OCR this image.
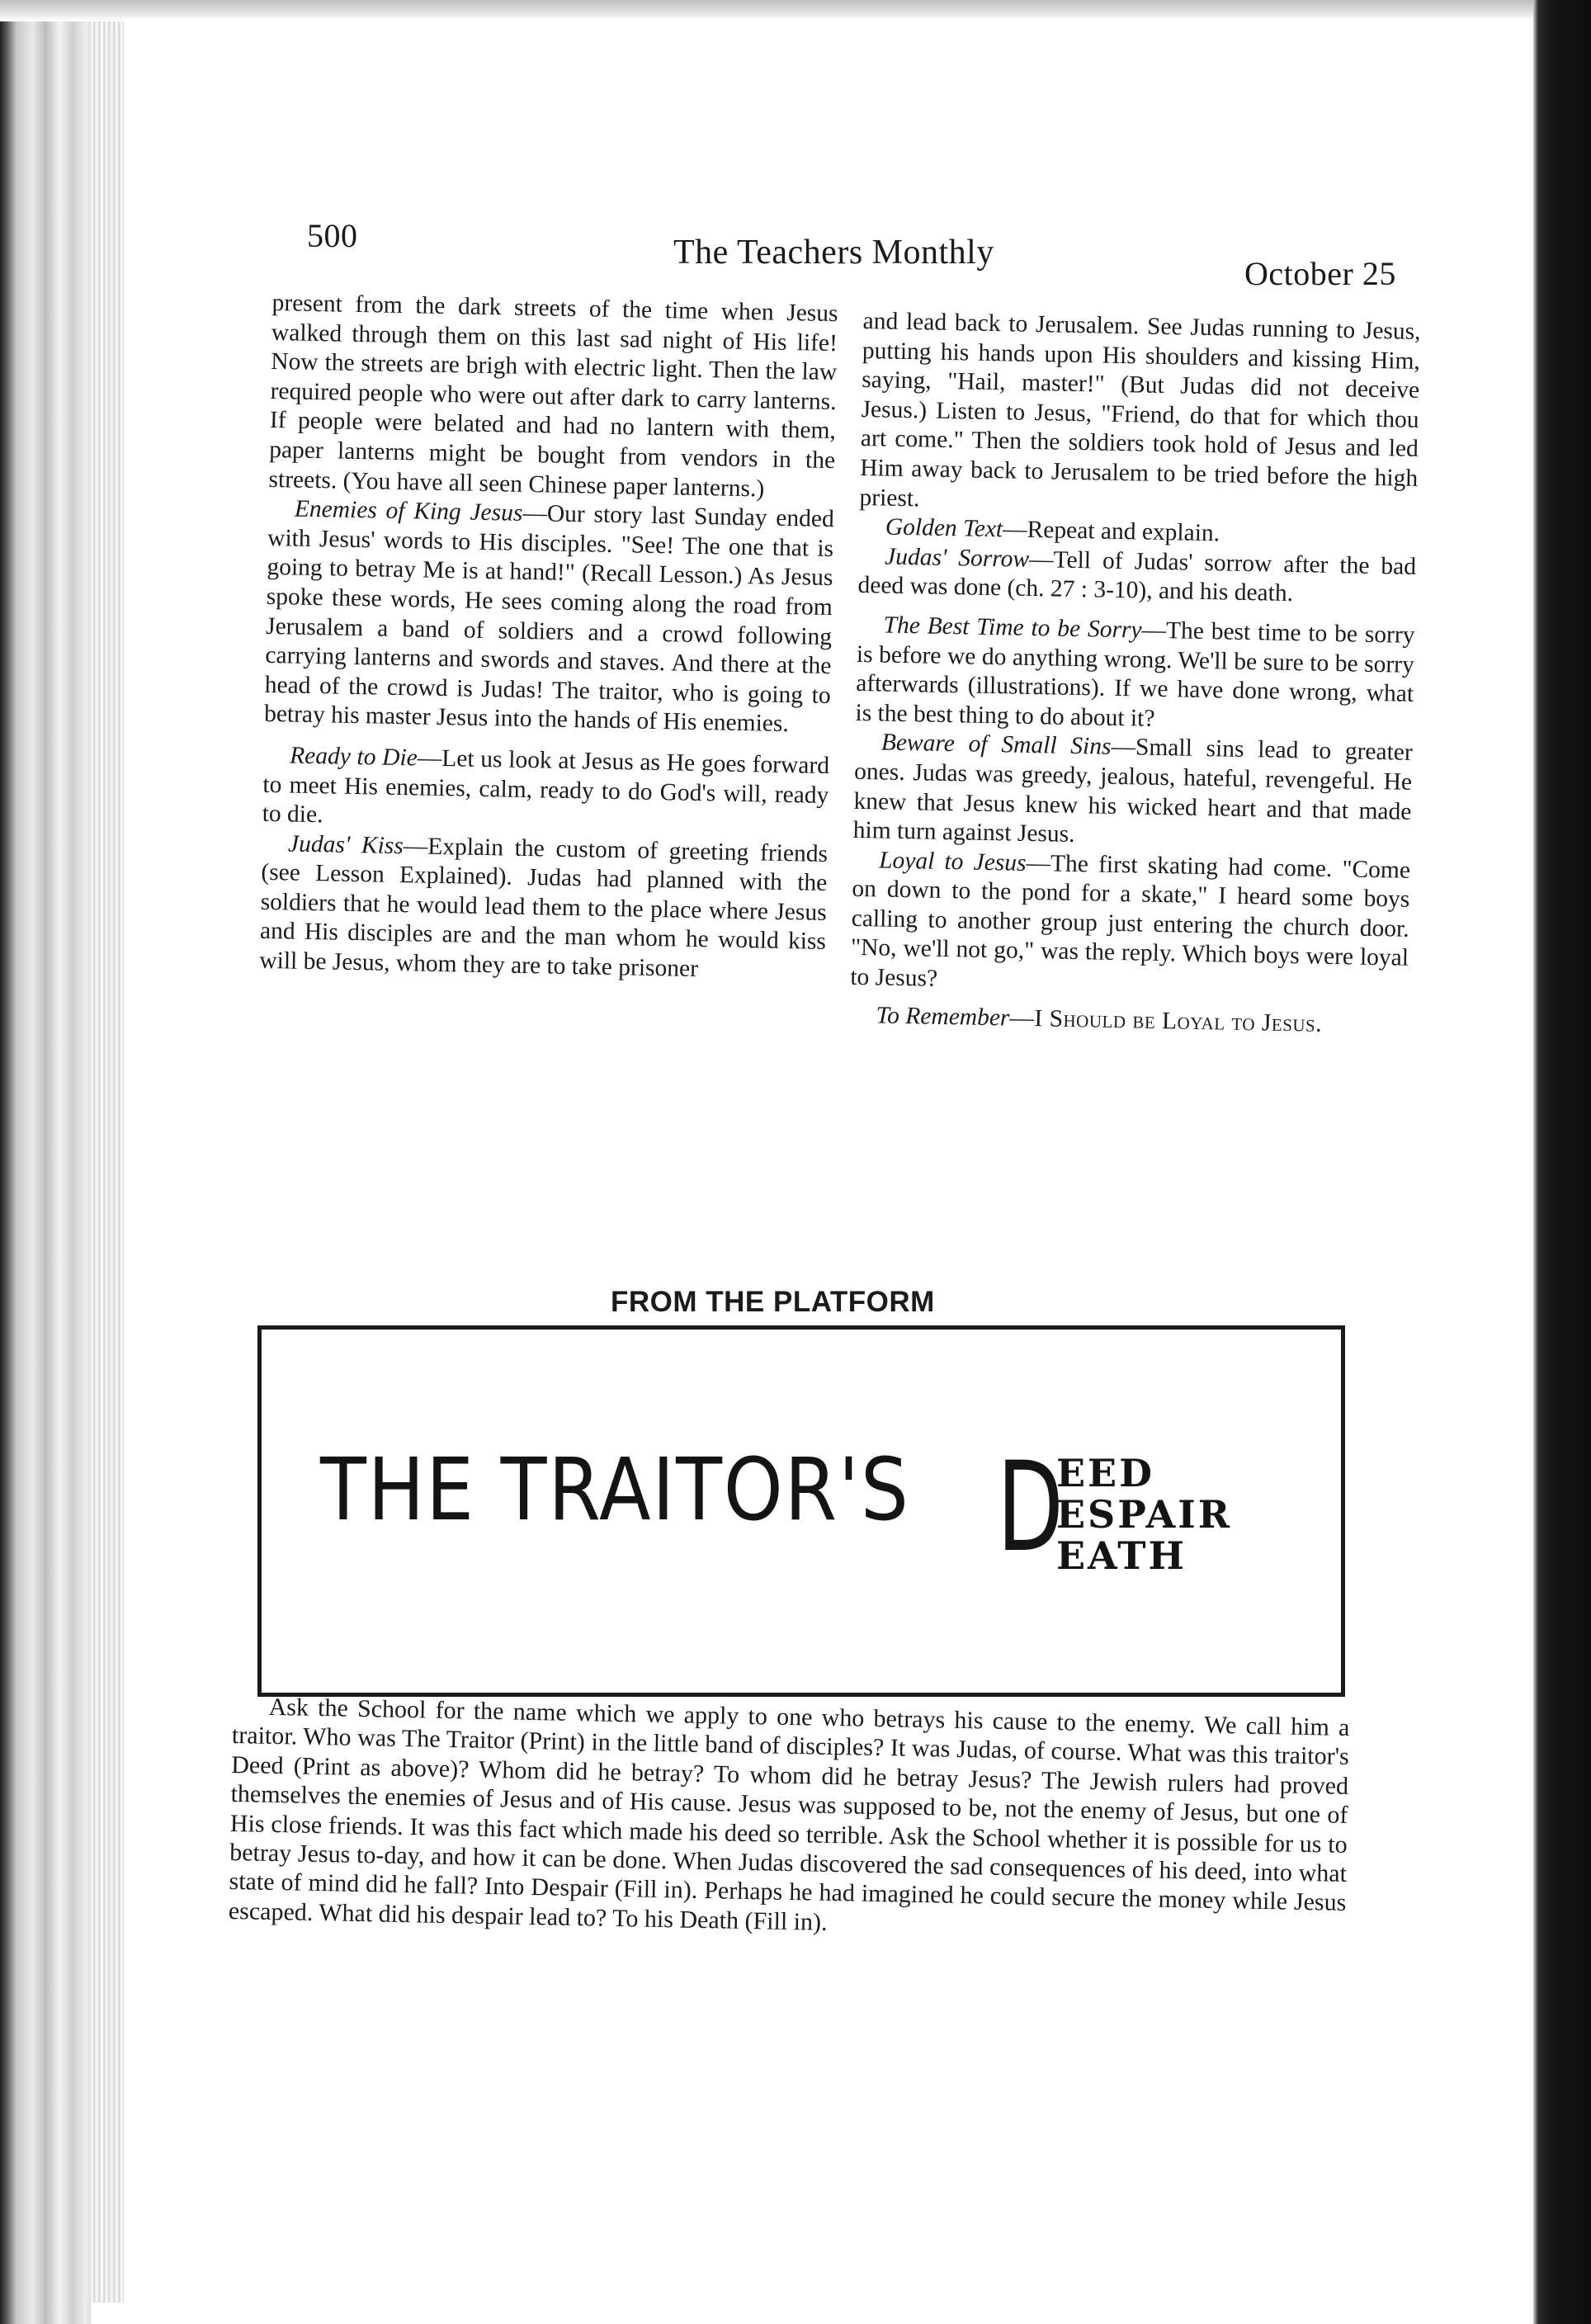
500	The Teachers Monthly
October 25

present from the dark streets of the time when Jesus walked through them on this last sad night of His life! Now the streets are brigh with electric light. Then the law required people who were out after dark to carry lanterns. If people were belated and had no lantern with them, paper lanterns might be bought from vendors in the streets. (You have all seen Chinese paper lanterns.)

Enemies of King Jesus—Our story last Sunday ended with Jesus' words to His disciples. "See! The one that is going to betray Me is at hand!" (Recall Lesson.) As Jesus spoke these words, He sees coming along the road from Jerusalem a band of soldiers and a crowd following carrying lanterns and swords and staves. And there at the head of the crowd is Judas! The traitor, who is going to betray his master Jesus into the hands of His enemies.

Ready to Die—Let us look at Jesus as He goes forward to meet His enemies, calm, ready to do God's will, ready to die.

Judas' Kiss—Explain the custom of greeting friends (see Lesson Explained). Judas had planned with the soldiers that he would lead them to the place where Jesus and His disciples are and the man whom he would kiss will be Jesus, whom they are to take prisoner

and lead back to Jerusalem. See Judas running to Jesus, putting his hands upon His shoulders and kissing Him, saying, "Hail, master!" (But Judas did not deceive Jesus.) Listen to Jesus, "Friend, do that for which thou art come." Then the soldiers took hold of Jesus and led Him away back to Jerusalem to be tried before the high priest.

Golden Text—Repeat and explain.

Judas' Sorrow—Tell of Judas' sorrow after the bad deed was done (ch. 27 : 3-10), and his death.

The Best Time to be Sorry—The best time to be sorry is before we do anything wrong. We'll be sure to be sorry afterwards (illustrations). If we have done wrong, what is the best thing to do about it?

Beware of Small Sins—Small sins lead to greater ones. Judas was greedy, jealous, hateful, revengeful. He knew that Jesus knew his wicked heart and that made him turn against Jesus.

Loyal to Jesus—The first skating had come. "Come on down to the pond for a skate," I heard some boys calling to another group just entering the church door. "No, we'll not go," was the reply. Which boys were loyal to Jesus?

To Remember—I Should be Loyal to Jesus.

FROM THE PLATFORM
THE TRAITOR'S D
EED
ESPAIR
EATH

Ask the School for the name which we apply to one who betrays his cause to the enemy. We call him a traitor. Who was The Traitor (Print) in the little band of disciples? It was Judas, of course. What was this traitor's Deed (Print as above)? Whom did he betray? To whom did he betray Jesus? The Jewish rulers had proved themselves the enemies of Jesus and of His cause. Jesus was supposed to be, not the enemy of Jesus, but one of His close friends. It was this fact which made his deed so terrible. Ask the School whether it is possible for us to betray Jesus to-day, and how it can be done. When Judas discovered the sad consequences of his deed, into what state of mind did he fall? Into Despair (Fill in). Perhaps he had imagined he could secure the money while Jesus escaped. What did his despair lead to? To his Death (Fill in).
